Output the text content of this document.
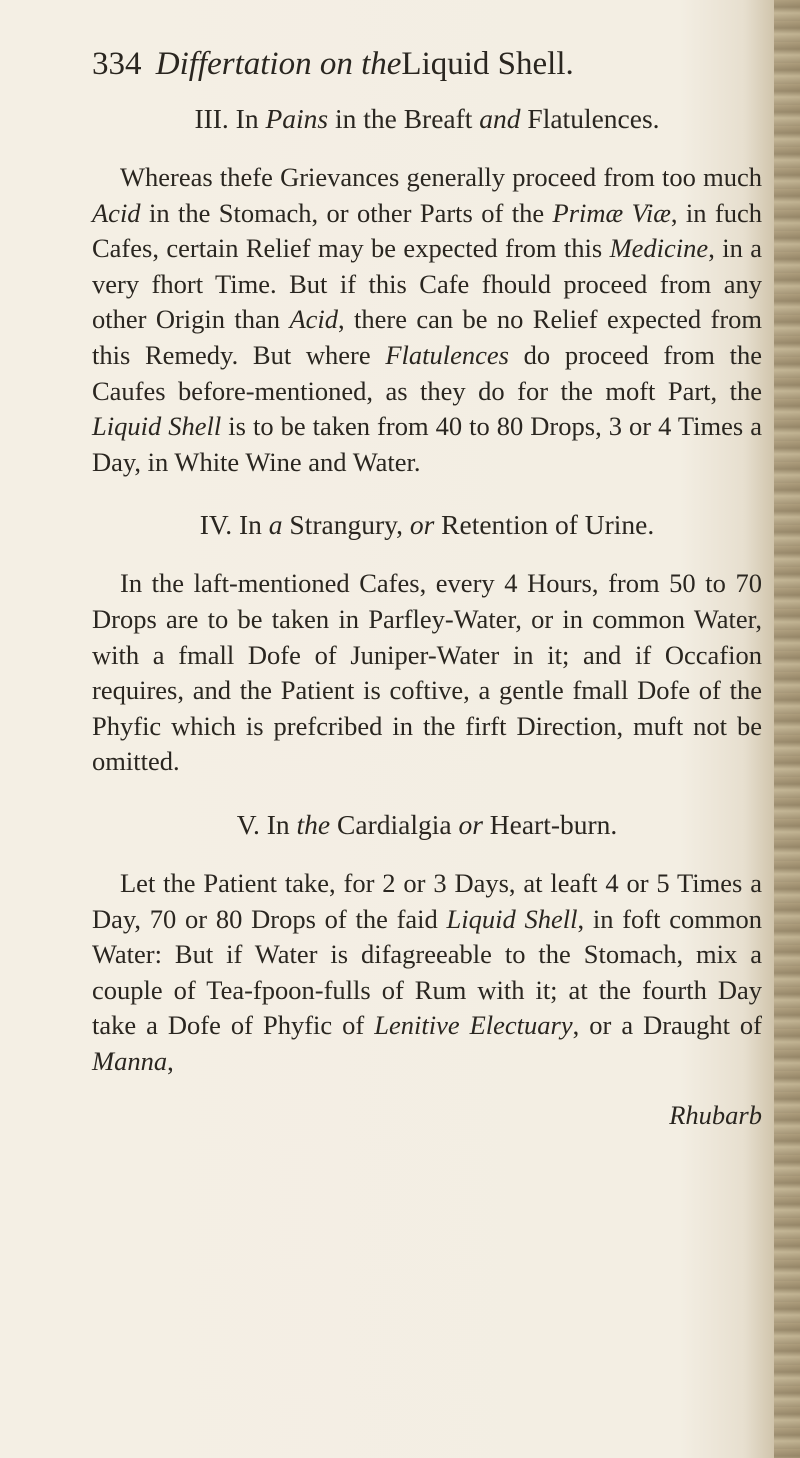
334 Differtation on theLiquid Shell.
III. In Pains in the Breaft and Flatulences.

Whereas thefe Grievances generally proceed from too much Acid in the Stomach, or other Parts of the Primæ Viæ, in fuch Cafes, certain Relief may be expected from this Medicine, in a very fhort Time. But if this Cafe fhould proceed from any other Origin than Acid, there can be no Relief expected from this Remedy. But where Flatulences do proceed from the Caufes before-mentioned, as they do for the moft Part, the Liquid Shell is to be taken from 40 to 80 Drops, 3 or 4 Times a Day, in White Wine and Water.

IV. In a Strangury, or Retention of Urine.

In the laft-mentioned Cafes, every 4 Hours, from 50 to 70 Drops are to be taken in Parfley-Water, or in common Water, with a fmall Dofe of Juniper-Water in it; and if Occafion requires, and the Patient is coftive, a gentle fmall Dofe of the Phyfic which is prefcribed in the firft Direction, muft not be omitted.

V. In the Cardialgia or Heart-burn.

Let the Patient take, for 2 or 3 Days, at leaft 4 or 5 Times a Day, 70 or 80 Drops of the faid Liquid Shell, in foft common Water: But if Water is difagreeable to the Stomach, mix a couple of Tea-fpoon-fulls of Rum with it; at the fourth Day take a Dofe of Phyfic of Lenitive Electuary, or a Draught of Manna,

Rhubarb
